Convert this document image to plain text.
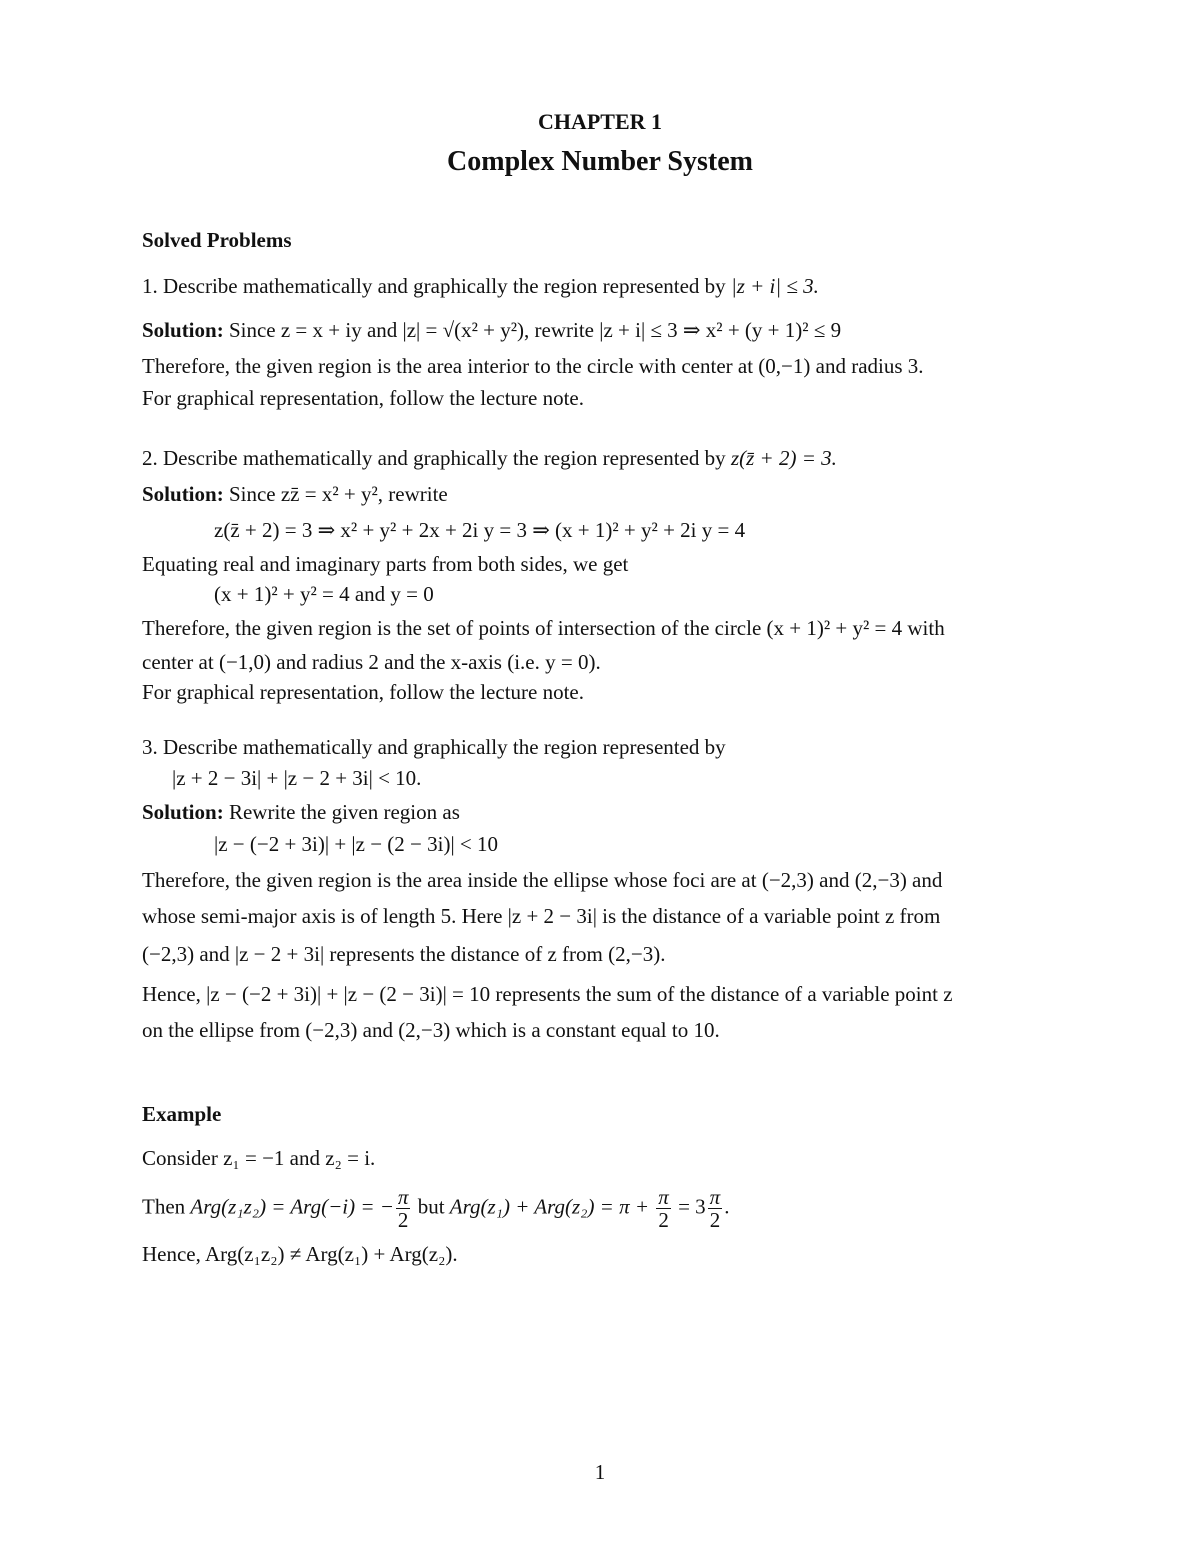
CHAPTER 1
Complex Number System
Solved Problems
1. Describe mathematically and graphically the region represented by |z + i| ≤ 3.
Solution: Since z = x + iy and |z| = √(x² + y²), rewrite |z + i| ≤ 3 ⇒ x² + (y + 1)² ≤ 9
Therefore, the given region is the area interior to the circle with center at (0,−1) and radius 3.
For graphical representation, follow the lecture note.
2. Describe mathematically and graphically the region represented by z(z̄ + 2) = 3.
Solution: Since zz̄ = x² + y², rewrite
z(z̄ + 2) = 3 ⇒ x² + y² + 2x + 2i y = 3 ⇒ (x + 1)² + y² + 2i y = 4
Equating real and imaginary parts from both sides, we get
(x + 1)² + y² = 4 and y = 0
Therefore, the given region is the set of points of intersection of the circle (x + 1)² + y² = 4 with
center at (−1,0) and radius 2 and the x-axis (i.e. y = 0).
For graphical representation, follow the lecture note.
3. Describe mathematically and graphically the region represented by
|z + 2 − 3i| + |z − 2 + 3i| < 10.
Solution: Rewrite the given region as
|z − (−2 + 3i)| + |z − (2 − 3i)| < 10
Therefore, the given region is the area inside the ellipse whose foci are at (−2,3) and (2,−3) and
whose semi-major axis is of length 5. Here |z + 2 − 3i| is the distance of a variable point z from
(−2,3) and |z − 2 + 3i| represents the distance of z from (2,−3).
Hence, |z − (−2 + 3i)| + |z − (2 − 3i)| = 10 represents the sum of the distance of a variable point z
on the ellipse from (−2,3) and (2,−3) which is a constant equal to 10.
Example
Consider z₁ = −1 and z₂ = i.
Then Arg(z₁z₂) = Arg(−i) = − $\frac{\pi}{2}$ but $Arg(z_1) + Arg(z_2) = \pi + \frac{\pi}{2} = 3 \frac{\pi}{2}$ .
Hence, Arg(z₁z₂) ≠ Arg(z₁) + Arg(z₂).
1
